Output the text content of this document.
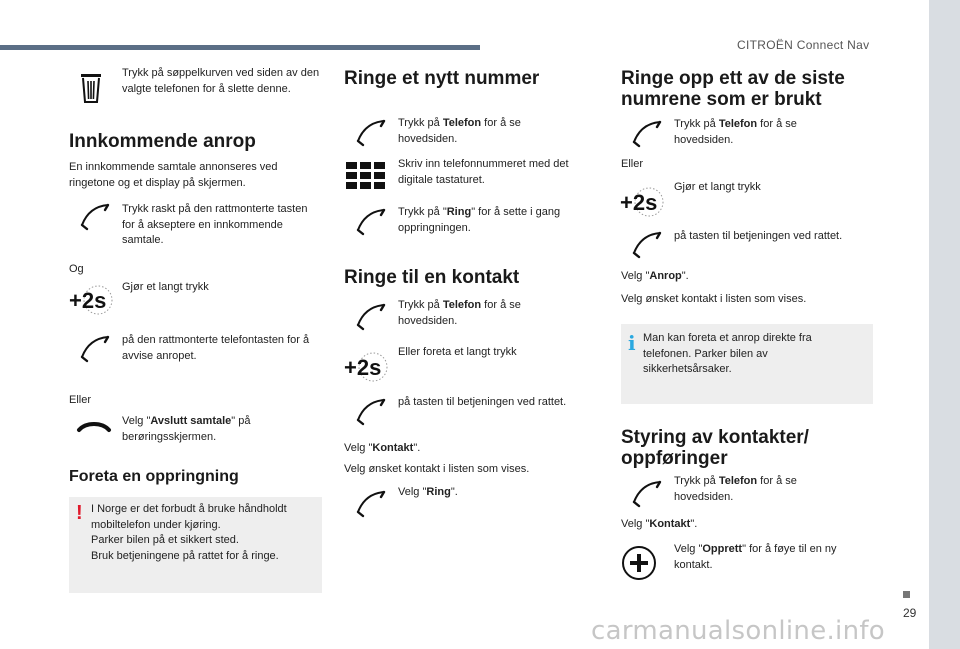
CITROËN Connect Nav
29
carmanualsonline.info
Trykk på søppelkurven ved siden av den valgte telefonen for å slette denne.
Innkommende anrop
En innkommende samtale annonseres ved ringetone og et display på skjermen.
Trykk raskt på den rattmonterte tasten for å akseptere en innkommende samtale.
Og
+2s
Gjør et langt trykk
på den rattmonterte telefontasten for å avvise anropet.
Eller
Velg "Avslutt samtale" på berøringsskjermen.
Foreta en oppringning
! I Norge er det forbudt å bruke håndholdt mobiltelefon under kjøring.
Parker bilen på et sikkert sted.
Bruk betjeningene på rattet for å ringe.
Ringe et nytt nummer
Trykk på Telefon for å se hovedsiden.
Skriv inn telefonnummeret med det digitale tastaturet.
Trykk på "Ring" for å sette i gang oppringningen.
Ringe til en kontakt
Trykk på Telefon for å se hovedsiden.
+2s
Eller foreta et langt trykk
på tasten til betjeningen ved rattet.
Velg "Kontakt".
Velg ønsket kontakt i listen som vises.
Velg "Ring".
Ringe opp ett av de siste numrene som er brukt
Trykk på Telefon for å se hovedsiden.
Eller
+2s
Gjør et langt trykk
på tasten til betjeningen ved rattet.
Velg "Anrop".
Velg ønsket kontakt i listen som vises.
i Man kan foreta et anrop direkte fra telefonen. Parker bilen av sikkerhetsårsaker.
Styring av kontakter/ oppføringer
Trykk på Telefon for å se hovedsiden.
Velg "Kontakt".
Velg "Opprett" for å føye til en ny kontakt.
